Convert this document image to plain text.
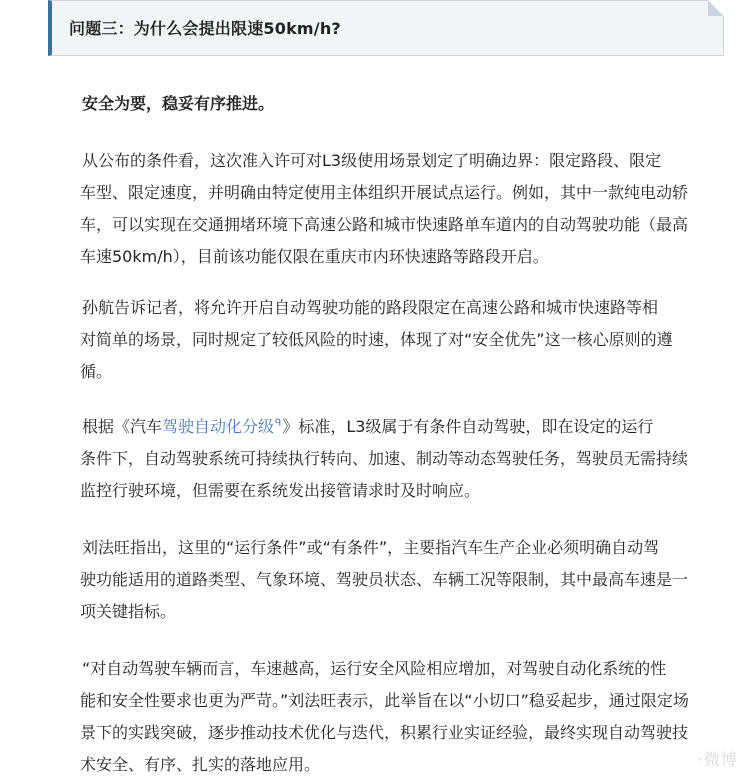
问题三：为什么会提出限速50km/h?

安全为要，稳妥有序推进。

从公布的条件看，这次准入许可对L3级使用场景划定了明确边界：限定路段、限定
车型、限定速度，并明确由特定使用主体组织开展试点运行。例如，其中一款纯电动轿
车，可以实现在交通拥堵环境下高速公路和城市快速路单车道内的自动驾驶功能（最高
车速50km/h），目前该功能仅限在重庆市内环快速路等路段开启。
孙航告诉记者，将允许开启自动驾驶功能的路段限定在高速公路和城市快速路等相
对简单的场景，同时规定了较低风险的时速，体现了对“安全优先”这一核心原则的遵
循。
根据《汽车驾驶自动化分级ᑫ》标准，L3级属于有条件自动驾驶，即在设定的运行
条件下，自动驾驶系统可持续执行转向、加速、制动等动态驾驶任务，驾驶员无需持续
监控行驶环境，但需要在系统发出接管请求时及时响应。
刘法旺指出，这里的“运行条件”或“有条件”，主要指汽车生产企业必须明确自动驾
驶功能适用的道路类型、气象环境、驾驶员状态、车辆工况等限制，其中最高车速是一
项关键指标。
“对自动驾驶车辆而言，车速越高，运行安全风险相应增加，对驾驶自动化系统的性
能和安全性要求也更为严苛。”刘法旺表示，此举旨在以“小切口”稳妥起步，通过限定场
景下的实践突破，逐步推动技术优化与迭代，积累行业实证经验，最终实现自动驾驶技
术安全、有序、扎实的落地应用。	·微博
